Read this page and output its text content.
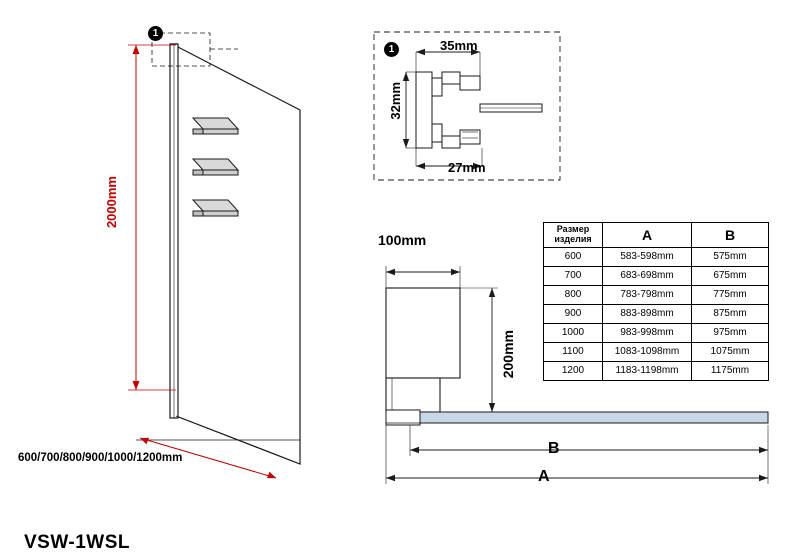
1
2000mm
600/700/800/900/1000/1200mm
1	35mm
32mm
27mm
100mm
200mm
B
A
Размер изделия	A	B
600	583-598mm	575mm
700	683-698mm	675mm
800	783-798mm	775mm
900	883-898mm	875mm
1000	983-998mm	975mm
1100	1083-1098mm	1075mm
1200	1183-1198mm	1175mm
VSW-1WSL
